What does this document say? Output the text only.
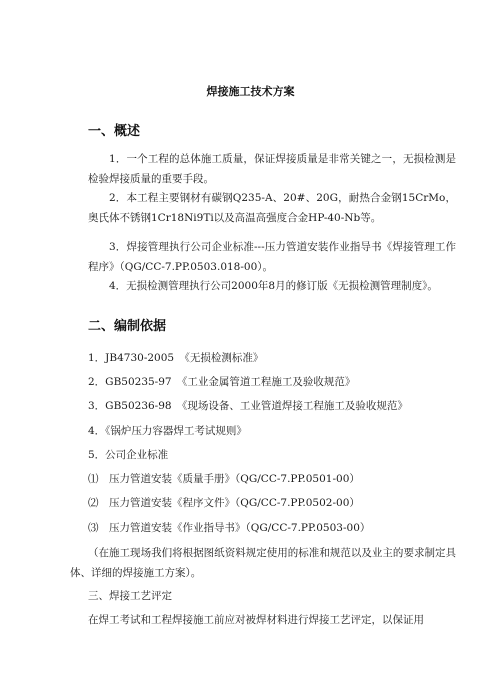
焊接施工技术方案
一、概述
1．一个工程的总体施工质量，保证焊接质量是非常关键之一，无损检测是检验焊接质量的重要手段。
2．本工程主要钢材有碳钢Q235-A、20#、20G，耐热合金钢15CrMo，奥氏体不锈钢1Cr18Ni9Ti以及高温高强度合金HP-40-Nb等。
3．焊接管理执行公司企业标准---压力管道安装作业指导书《焊接管理工作程序》（QG/CC-7.PP.0503.018-00）。
4．无损检测管理执行公司2000年8月的修订版《无损检测管理制度》。
二、编制依据
1．JB4730-2005　《无损检测标准》
2．GB50235-97　《工业金属管道工程施工及验收规范》
3．GB50236-98　《现场设备、工业管道焊接工程施工及验收规范》
4．《锅炉压力容器焊工考试规则》
5．公司企业标准
⑴　压力管道安装《质量手册》（QG/CC-7.PP.0501-00）
⑵　压力管道安装《程序文件》（QG/CC-7.PP.0502-00）
⑶　压力管道安装《作业指导书》（QG/CC-7.PP.0503-00）
（在施工现场我们将根据图纸资料规定使用的标准和规范以及业主的要求制定具体、详细的焊接施工方案）。
三、焊接工艺评定
在焊工考试和工程焊接施工前应对被焊材料进行焊接工艺评定，以保证用
